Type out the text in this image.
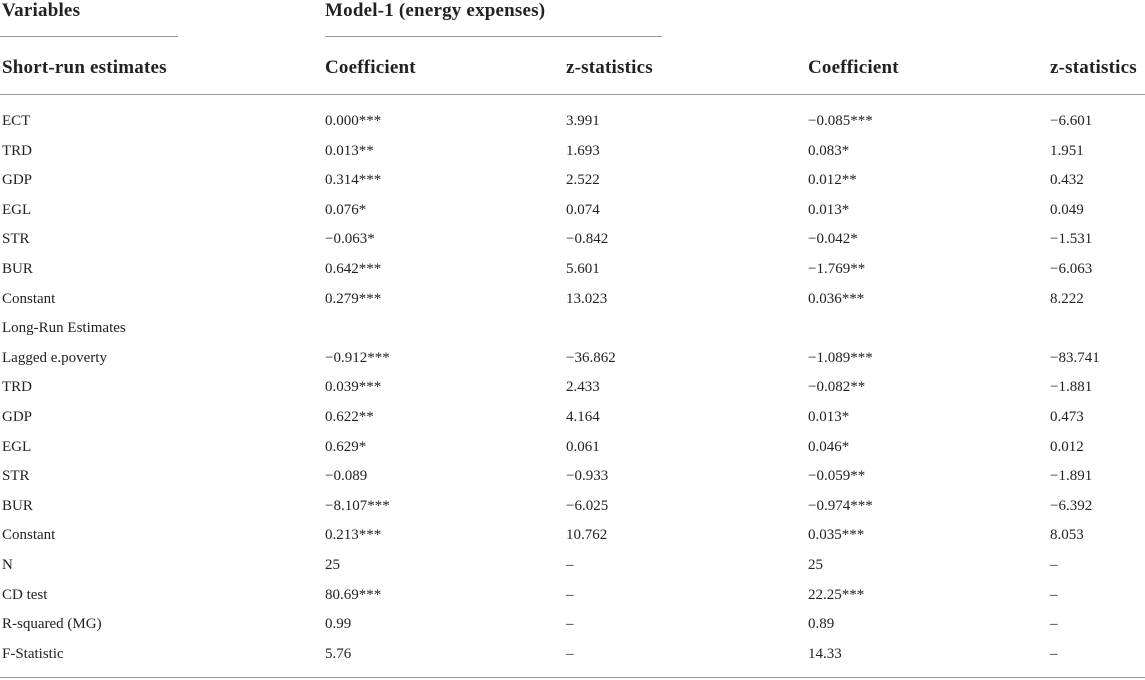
Variables	Model-1 (energy expenses)
Short-run estimates	Coefficient	z-statistics	Coefficient	z-statistics
ECT	0.000***	3.991	−0.085***	−6.601
TRD	0.013**	1.693	0.083*	1.951
GDP	0.314***	2.522	0.012**	0.432
EGL	0.076*	0.074	0.013*	0.049
STR	−0.063*	−0.842	−0.042*	−1.531
BUR	0.642***	5.601	−1.769**	−6.063
Constant	0.279***	13.023	0.036***	8.222
Long-Run Estimates
Lagged e.poverty	−0.912***	−36.862	−1.089***	−83.741
TRD	0.039***	2.433	−0.082**	−1.881
GDP	0.622**	4.164	0.013*	0.473
EGL	0.629*	0.061	0.046*	0.012
STR	−0.089	−0.933	−0.059**	−1.891
BUR	−8.107***	−6.025	−0.974***	−6.392
Constant	0.213***	10.762	0.035***	8.053
N	25	–	25	–
CD test	80.69***	–	22.25***	–
R-squared (MG)	0.99	–	0.89	–
F-Statistic	5.76	–	14.33	–
